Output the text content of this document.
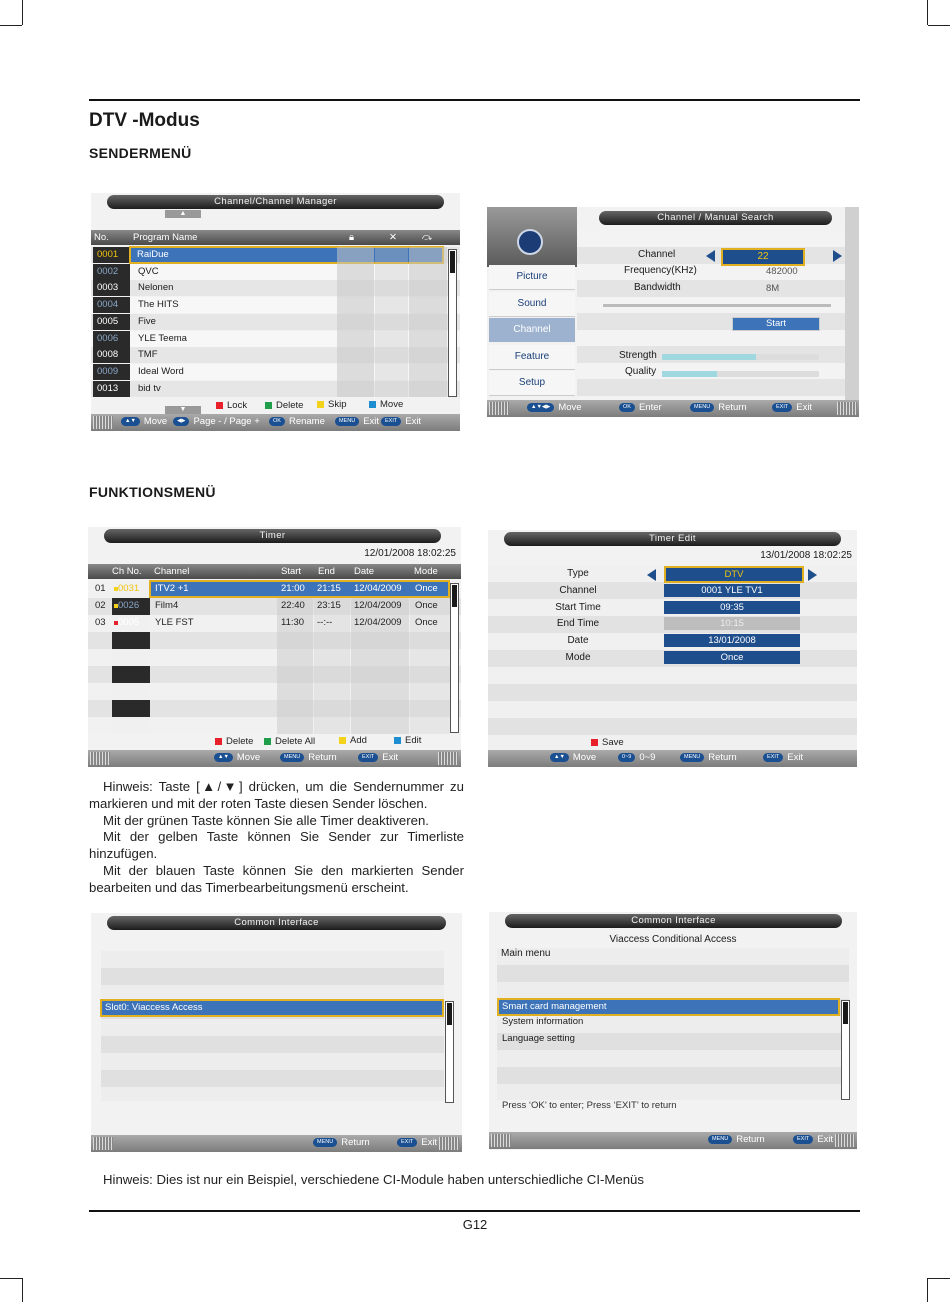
DTV -Modus
SENDERMENÜ
Channel/Channel Manager
▲
No.	Program Name	🔒︎	✕	⤼
0001	RaiDue
0002	QVC
0003	Nelonen
0004	The HITS
0005	Five
0006	YLE Teema
0008	TMF
0009	Ideal Word
0013	bid tv
▼	Lock	Delete	Skip	Move
▲▼ Move	◀▶ Page - / Page +	OK Rename	MENU Exit	EXIT Exit
Channel / Manual Search
Picture
Sound
Channel
Feature
Setup
Channel	22
Frequency(KHz)	482000
Bandwidth	8M
Start
Strength
Quality
▲▼◀▶ Move	OK Enter	MENU Return	EXIT Exit
FUNKTIONSMENÜ
Timer
12/01/2008 18:02:25
Ch No. Channel	Start End Date	Mode
01 0031 ITV2 +1	21:00 21:15 12/04/2009 Once
02 0026 Film4	22:40 23:15 12/04/2009 Once
03 0005 YLE FST	11:30 --:-- 12/04/2009 Once
Delete Delete All	Add	Edit
▲▼ Move	MENU Return	EXIT Exit
Timer Edit
13/01/2008 18:02:25
Type	DTV
Channel	0001 YLE TV1
Start Time	09:35
End Time	10:15
Date	13/01/2008
Mode	Once
Save
▲▼ Move	0~9 0~9	MENU Return	EXIT Exit

Hinweis: Taste [▲/▼] drücken, um die Sendernummer zu markieren und mit der roten Taste diesen Sender löschen.

Mit der grünen Taste können Sie alle Timer deaktiveren.

Mit der gelben Taste können Sie Sender zur Timerliste hinzufügen.

Mit der blauen Taste können Sie den markierten Sender bearbeiten und das Timerbearbeitungsmenü erscheint.

Common Interface
Slot0: Viaccess Access
MENU Return	EXIT Exit
Common Interface
Viaccess Conditional Access
Main menu
Smart card management
System information
Language setting
Press ‘OK’ to enter; Press ‘EXIT’ to return
MENU Return	EXIT Exit
Hinweis: Dies ist nur ein Beispiel, verschiedene CI-Module haben unterschiedliche CI-Menüs
G12
